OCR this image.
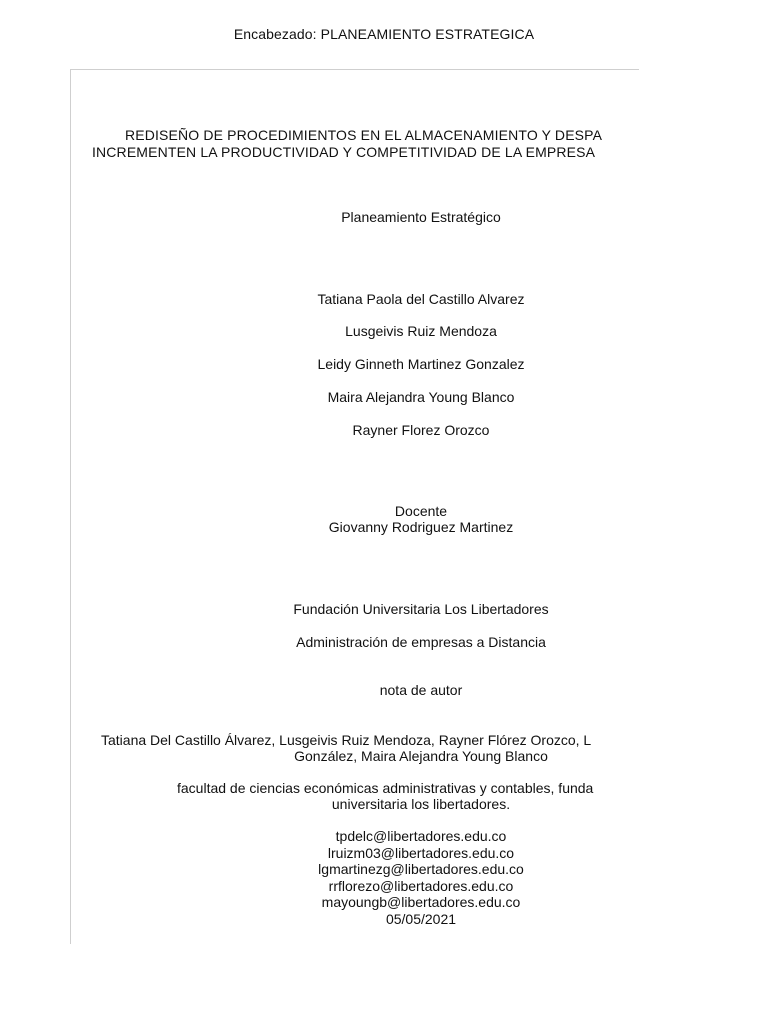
Encabezado: PLANEAMIENTO ESTRATEGICA
REDISEÑO DE PROCEDIMIENTOS EN EL ALMACENAMIENTO Y DESPA
INCREMENTEN LA PRODUCTIVIDAD Y COMPETITIVIDAD DE LA EMPRESA
Planeamiento Estratégico
Tatiana Paola del Castillo Alvarez
Lusgeivis Ruiz Mendoza
Leidy Ginneth Martinez Gonzalez
Maira Alejandra Young Blanco
Rayner Florez Orozco
Docente
Giovanny Rodriguez Martinez
Fundación Universitaria Los Libertadores
Administración de empresas a Distancia
nota de autor
Tatiana Del Castillo Álvarez, Lusgeivis Ruiz Mendoza, Rayner Flórez Orozco, L
González, Maira Alejandra Young Blanco
facultad de ciencias económicas administrativas y contables, funda
universitaria los libertadores.
tpdelc@libertadores.edu.co
lruizm03@libertadores.edu.co
lgmartinezg@libertadores.edu.co
rrflorezo@libertadores.edu.co
mayoungb@libertadores.edu.co
05/05/2021
